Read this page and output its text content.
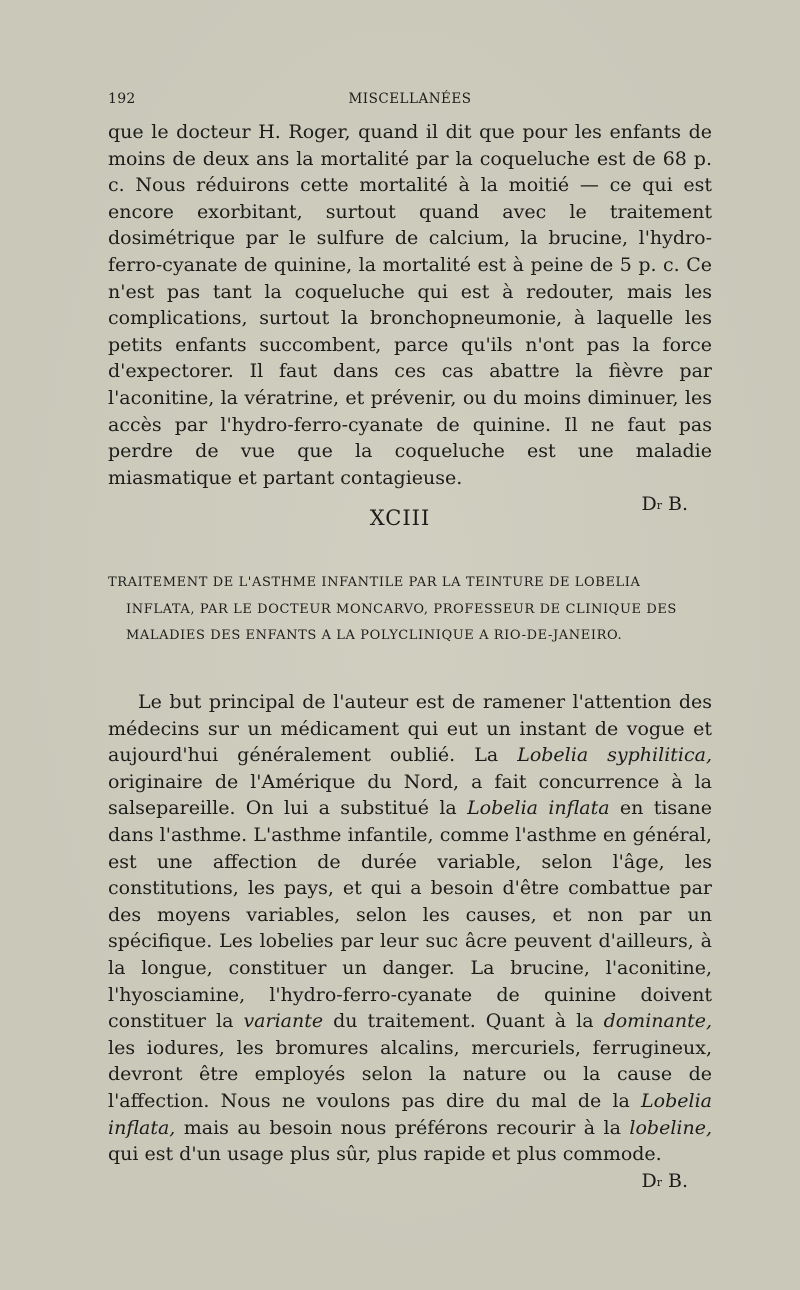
192	MISCELLANÉES

que le docteur H. Roger, quand il dit que pour les enfants de moins de deux ans la mortalité par la coqueluche est de 68 p. c. Nous réduirons cette mortalité à la moitié — ce qui est encore exorbitant, surtout quand avec le traitement dosimétrique par le sulfure de calcium, la brucine, l'hydro-ferro-cyanate de quinine, la mortalité est à peine de 5 p. c. Ce n'est pas tant la coqueluche qui est à redouter, mais les complications, surtout la bronchopneumonie, à laquelle les petits enfants succombent, parce qu'ils n'ont pas la force d'expectorer. Il faut dans ces cas abattre la fièvre par l'aconitine, la vératrine, et prévenir, ou du moins diminuer, les accès par l'hydro-ferro-cyanate de quinine. Il ne faut pas perdre de vue que la coqueluche est une maladie miasmatique et partant contagieuse.

$D^r$ B.
XCIII
TRAITEMENT DE L'ASTHME INFANTILE PAR LA TEINTURE DE LOBELIA
INFLATA, PAR LE DOCTEUR MONCARVO, PROFESSEUR DE CLINIQUE DES
MALADIES DES ENFANTS A LA POLYCLINIQUE A RIO-DE-JANEIRO.

Le but principal de l'auteur est de ramener l'attention des médecins sur un médicament qui eut un instant de vogue et aujourd'hui généralement oublié. La Lobelia syphilitica, originaire de l'Amérique du Nord, a fait concurrence à la salsepareille. On lui a substitué la Lobelia inflata en tisane dans l'asthme. L'asthme infantile, comme l'asthme en général, est une affection de durée variable, selon l'âge, les constitutions, les pays, et qui a besoin d'être combattue par des moyens variables, selon les causes, et non par un spécifique. Les lobelies par leur suc âcre peuvent d'ailleurs, à la longue, constituer un danger. La brucine, l'aconitine, l'hyosciamine, l'hydro-ferro-cyanate de quinine doivent constituer la variante du traitement. Quant à la dominante, les iodures, les bromures alcalins, mercuriels, ferrugineux, devront être employés selon la nature ou la cause de l'affection. Nous ne voulons pas dire du mal de la Lobelia inflata, mais au besoin nous préférons recourir à la lobeline, qui est d'un usage plus sûr, plus rapide et plus commode.

$D^r$ B.
